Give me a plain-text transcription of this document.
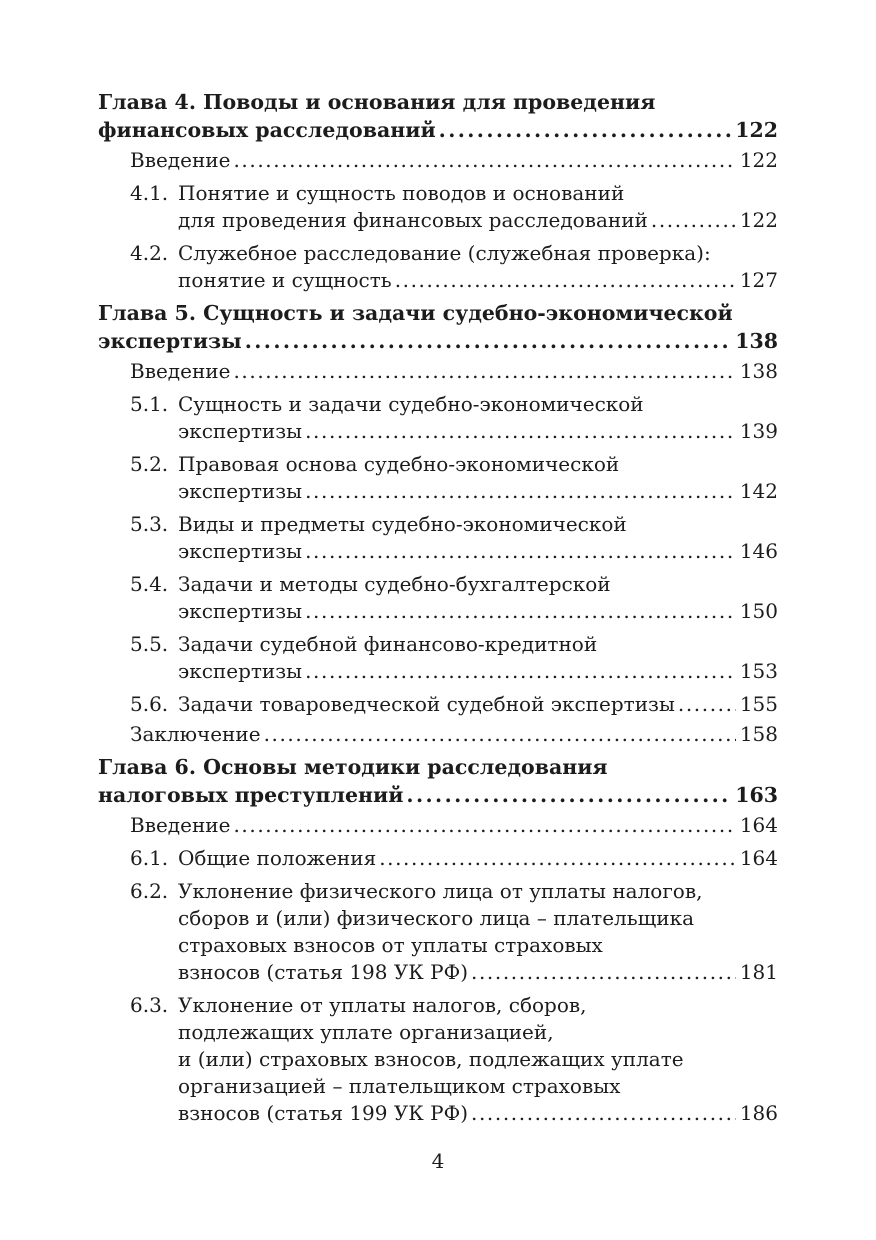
Глава 4. Поводы и основания для проведения
финансовых расследований .....	122
Введение .....	122
4.1. Понятие и сущность поводов и оснований
для проведения финансовых расследований .....	122
4.2. Служебное расследование (служебная проверка):
понятие и сущность .....	127
Глава 5. Сущность и задачи судебно-экономической
экспертизы .....	138
Введение .....	138
5.1. Сущность и задачи судебно-экономической
экспертизы .....	139
5.2. Правовая основа судебно-экономической
экспертизы .....	142
5.3. Виды и предметы судебно-экономической
экспертизы .....	146
5.4. Задачи и методы судебно-бухгалтерской
экспертизы .....	150
5.5. Задачи судебной финансово-кредитной
экспертизы .....	153
5.6. Задачи товароведческой судебной экспертизы .....	155
Заключение .....	158
Глава 6. Основы методики расследования
налоговых преступлений .....	163
Введение .....	164
6.1. Общие положения .....	164
6.2. Уклонение физического лица от уплаты налогов,
сборов и (или) физического лица – плательщика
страховых взносов от уплаты страховых
взносов (статья 198 УК РФ) .....	181
6.3. Уклонение от уплаты налогов, сборов,
подлежащих уплате организацией,
и (или) страховых взносов, подлежащих уплате
организацией – плательщиком страховых
взносов (статья 199 УК РФ) .....	186
4
